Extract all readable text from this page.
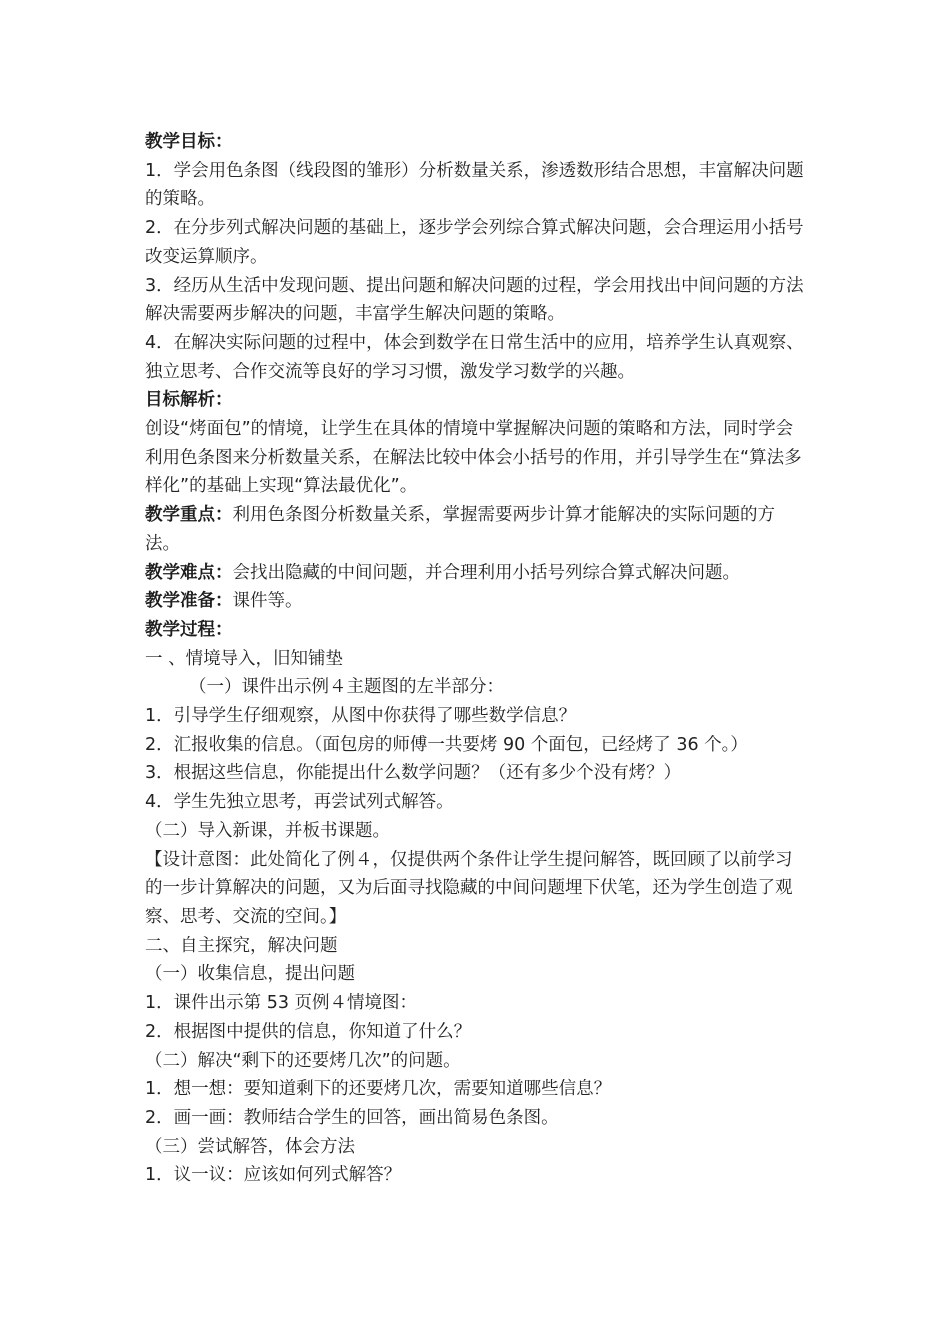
教学目标：

1．学会用色条图（线段图的雏形）分析数量关系，渗透数形结合思想，丰富解决问题的策略。

2．在分步列式解决问题的基础上，逐步学会列综合算式解决问题，会合理运用小括号改变运算顺序。

3．经历从生活中发现问题、提出问题和解决问题的过程，学会用找出中间问题的方法解决需要两步解决的问题，丰富学生解决问题的策略。

4．在解决实际问题的过程中，体会到数学在日常生活中的应用，培养学生认真观察、 独立思考、合作交流等良好的学习习惯，激发学习数学的兴趣。

目标解析：

创设“烤面包”的情境，让学生在具体的情境中掌握解决问题的策略和方法，同时学会利用色条图来分析数量关系，在解法比较中体会小括号的作用，并引导学生在“算法多样化”的基础上实现“算法最优化”。

教学重点：利用色条图分析数量关系，掌握需要两步计算才能解决的实际问题的方法。

教学难点：会找出隐藏的中间问题，并合理利用小括号列综合算式解决问题。

教学准备：课件等。

教学过程：

一 、情境导入，旧知铺垫

（一）课件出示例４主题图的左半部分：

1．引导学生仔细观察，从图中你获得了哪些数学信息？

2．汇报收集的信息。（面包房的师傅一共要烤 90 个面包，已经烤了 36 个。）

3．根据这些信息，你能提出什么数学问题？（还有多少个没有烤？）

4．学生先独立思考，再尝试列式解答。

（二）导入新课，并板书课题。

【设计意图：此处简化了例４，仅提供两个条件让学生提问解答，既回顾了以前学习的一步计算解决的问题，又为后面寻找隐藏的中间问题埋下伏笔，还为学生创造了观察、思考、交流的空间。】

二、自主探究，解决问题

（一）收集信息，提出问题

1．课件出示第 53 页例４情境图：

2．根据图中提供的信息，你知道了什么？

（二）解决“剩下的还要烤几次”的问题。

1．想一想：要知道剩下的还要烤几次，需要知道哪些信息？

2．画一画：教师结合学生的回答，画出简易色条图。

（三）尝试解答，体会方法

1．议一议：应该如何列式解答？
